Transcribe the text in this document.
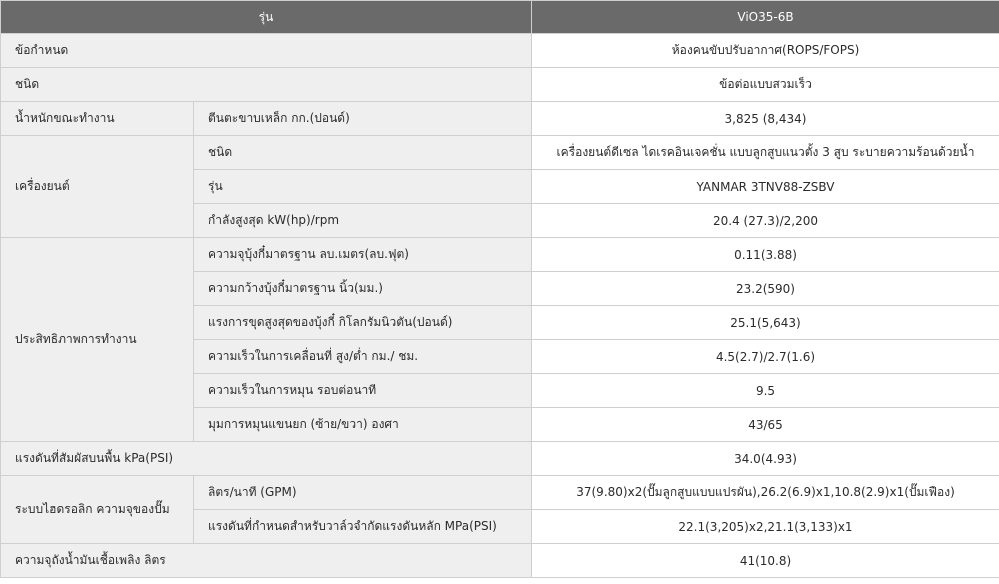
รุ่น		ViO35-6B
ข้อกำหนด		ห้องคนขับปรับอากาศ(ROPS/FOPS)
ชนิด		ข้อต่อแบบสวมเร็ว
น้ำหนักขณะทำงาน	ตีนตะขาบเหล็ก กก.(ปอนด์)	3,825 (8,434)
เครื่องยนต์	ชนิด	เครื่องยนต์ดีเซล ไดเรคอินเจคชั่น แบบลูกสูบแนวตั้ง 3 สูบ ระบายความร้อนด้วยน้ำ
	รุ่น	YANMAR 3TNV88-ZSBV
	กำลังสูงสุด kW(hp)/rpm	20.4 (27.3)/2,200
ประสิทธิภาพการทำงาน	ความจุบุ้งกี๋มาตรฐาน ลบ.เมตร(ลบ.ฟุต)	0.11(3.88)
	ความกว้างบุ้งกี๋มาตรฐาน นิ้ว(มม.)	23.2(590)
	แรงการขุดสูงสุดของบุ้งกี๋ กิโลกรัมนิวตัน(ปอนด์)	25.1(5,643)
	ความเร็วในการเคลื่อนที่ สูง/ต่ำ กม./ ชม.	4.5(2.7)/2.7(1.6)
	ความเร็วในการหมุน รอบต่อนาที	9.5
	มุมการหมุนแขนยก (ซ้าย/ขวา) องศา	43/65
แรงดันที่สัมผัสบนพื้น kPa(PSI)		34.0(4.93)
ระบบไฮดรอลิก ความจุของปั๊ม	ลิตร/นาที (GPM)	37(9.80)x2(ปั๊มลูกสูบแบบแปรผัน),26.2(6.9)x1,10.8(2.9)x1(ปั๊มเฟือง)
	แรงดันที่กำหนดสำหรับวาล์วจำกัดแรงดันหลัก MPa(PSI)	22.1(3,205)x2,21.1(3,133)x1
ความจุถังน้ำมันเชื้อเพลิง ลิตร		41(10.8)
